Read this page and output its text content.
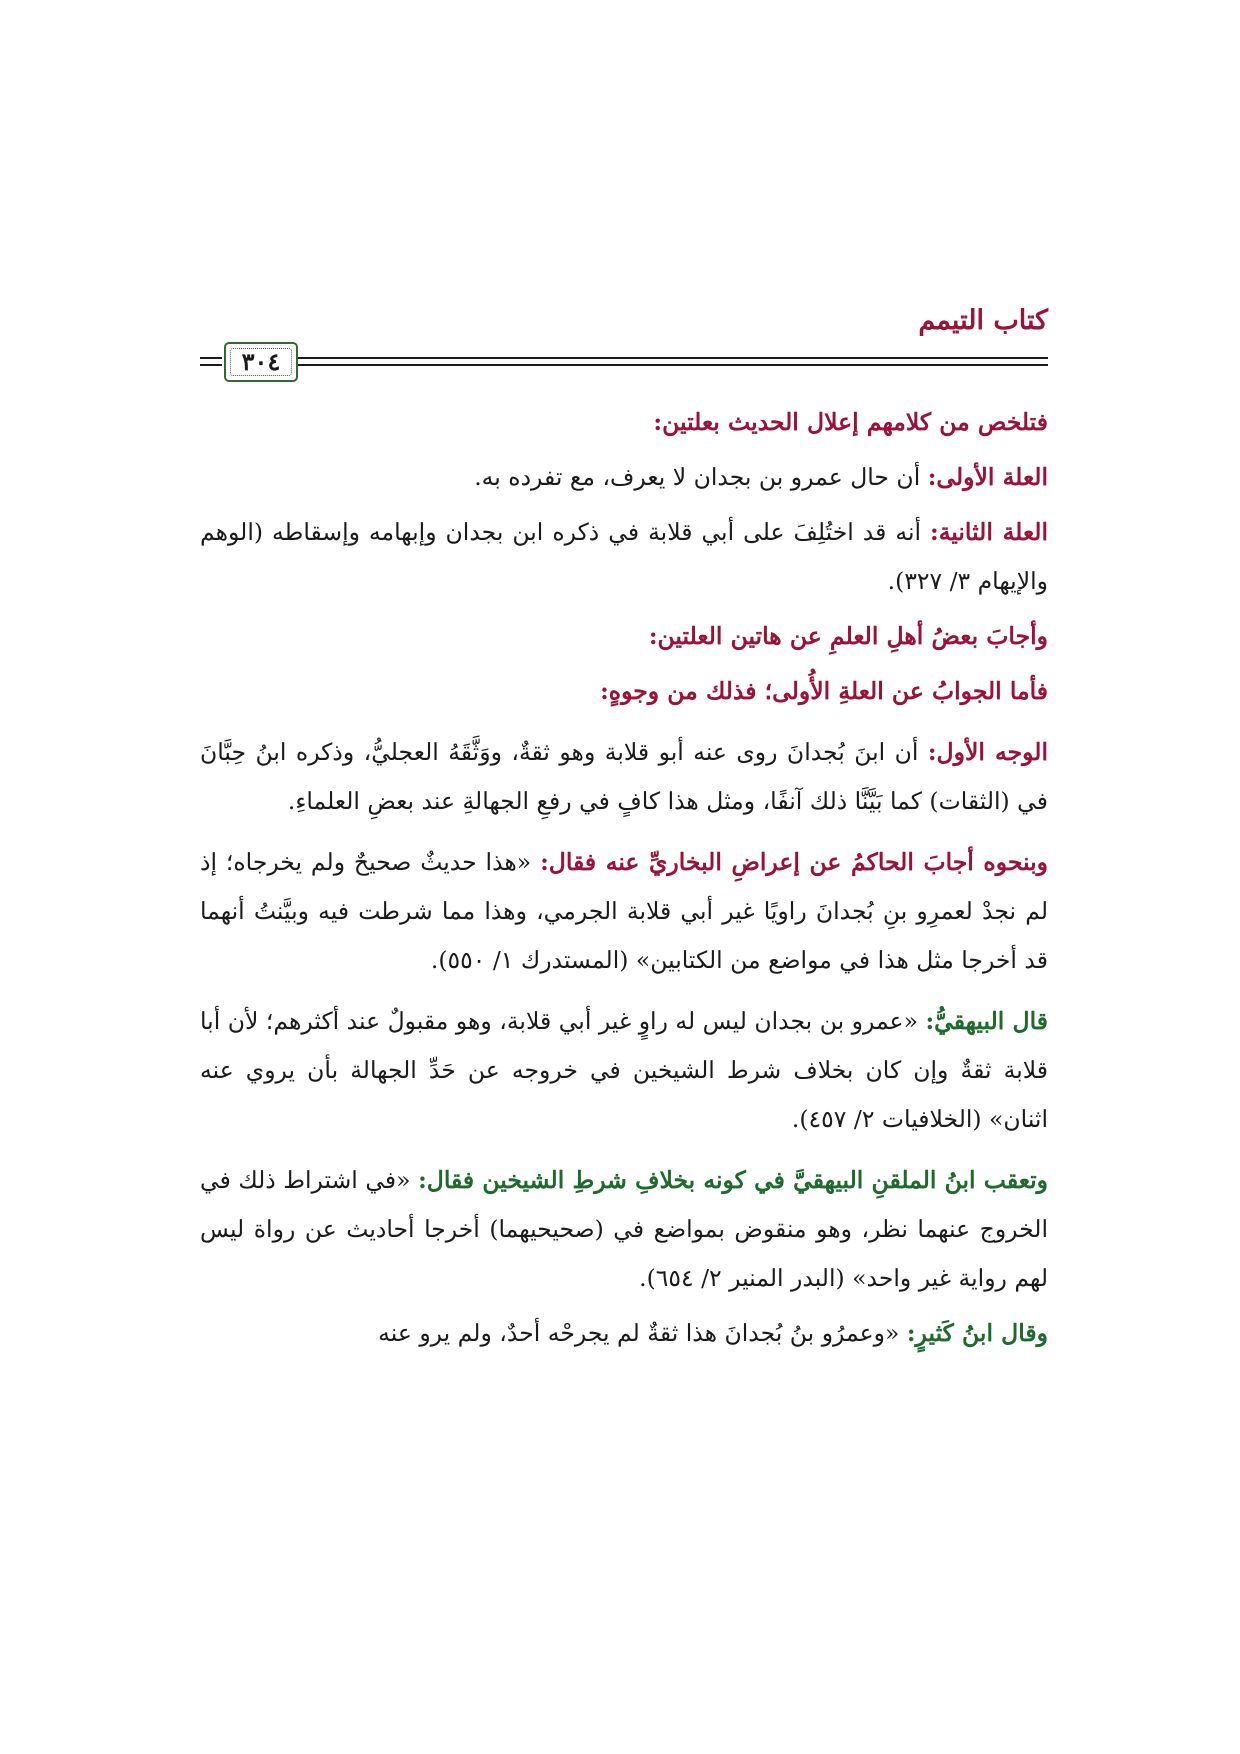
كتاب التيمم
٣٠٤

فتلخص من كلامهم إعلال الحديث بعلتين:

العلة الأولى: أن حال عمرو بن بجدان لا يعرف، مع تفرده به.

العلة الثانية: أنه قد اختُلِفَ على أبي قلابة في ذكره ابن بجدان وإبهامه وإسقاطه (الوهم والإيهام ٣/ ٣٢٧).

وأجابَ بعضُ أهلِ العلمِ عن هاتين العلتين:

فأما الجوابُ عن العلةِ الأُولى؛ فذلك من وجوهٍ:

الوجه الأول: أن ابنَ بُجدانَ روى عنه أبو قلابة وهو ثقةٌ، ووَثَّقَهُ العجليُّ، وذكره ابنُ حِبَّانَ في (الثقات) كما بَيَّنَّا ذلك آنفًا، ومثل هذا كافٍ في رفعِ الجهالةِ عند بعضِ العلماءِ.

وبنحوه أجابَ الحاكمُ عن إعراضِ البخاريِّ عنه فقال: «هذا حديثٌ صحيحٌ ولم يخرجاه؛ إذ لم نجدْ لعمرِو بنِ بُجدانَ راويًا غير أبي قلابة الجرمي، وهذا مما شرطت فيه وبيَّنتُ أنهما قد أخرجا مثل هذا في مواضع من الكتابين» (المستدرك ١/ ٥٥٠).

قال البيهقيُّ: «عمرو بن بجدان ليس له راوٍ غير أبي قلابة، وهو مقبولٌ عند أكثرهم؛ لأن أبا قلابة ثقةٌ وإن كان بخلاف شرط الشيخين في خروجه عن حَدِّ الجهالة بأن يروي عنه اثنان» (الخلافيات ٢/ ٤٥٧).

وتعقب ابنُ الملقنِ البيهقيَّ في كونه بخلافِ شرطِ الشيخين فقال: «في اشتراط ذلك في الخروج عنهما نظر، وهو منقوض بمواضع في (صحيحيهما) أخرجا أحاديث عن رواة ليس لهم رواية غير واحد» (البدر المنير ٢/ ٦٥٤).

وقال ابنُ كَثيرٍ: «وعمرُو بنُ بُجدانَ هذا ثقةٌ لم يجرحْه أحدٌ، ولم يرو عنه
